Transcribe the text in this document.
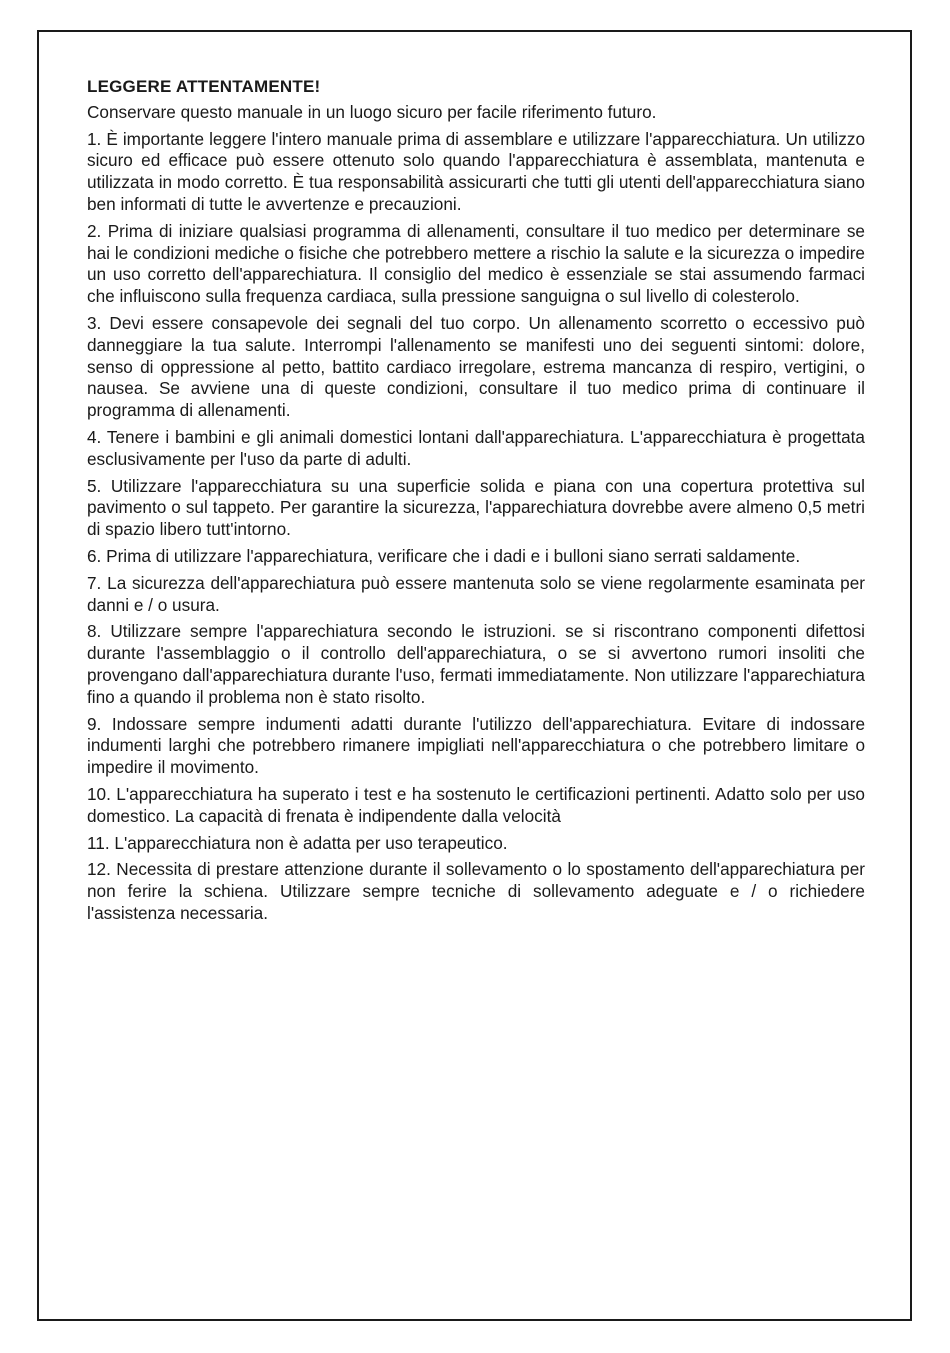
LEGGERE ATTENTAMENTE!
Conservare questo manuale in un luogo sicuro per facile riferimento futuro.
1. È importante leggere l'intero manuale prima di assemblare e utilizzare l'apparecchiatura. Un utilizzo sicuro ed efficace può essere ottenuto solo quando l'apparecchiatura è assemblata, mantenuta e utilizzata in modo corretto. È tua responsabilità assicurarti che tutti gli utenti dell'apparecchiatura siano ben informati di tutte le avvertenze e precauzioni.
2. Prima di iniziare qualsiasi programma di allenamenti, consultare il tuo medico per determinare se hai le condizioni mediche o fisiche che potrebbero mettere a rischio la salute e la sicurezza o impedire un uso corretto dell'apparechiatura. Il consiglio del medico è essenziale se stai assumendo farmaci che influiscono sulla frequenza cardiaca, sulla pressione sanguigna o sul livello di colesterolo.
3. Devi essere consapevole dei segnali del tuo corpo. Un allenamento scorretto o eccessivo può danneggiare la tua salute. Interrompi l'allenamento se manifesti uno dei seguenti sintomi: dolore, senso di oppressione al petto, battito cardiaco irregolare, estrema mancanza di respiro, vertigini, o nausea. Se avviene una di queste condizioni, consultare il tuo medico prima di continuare il programma di allenamenti.
4. Tenere i bambini e gli animali domestici lontani dall'apparechiatura. L'apparecchiatura è progettata esclusivamente per l'uso da parte di adulti.
5. Utilizzare l'apparecchiatura su una superficie solida e piana con una copertura protettiva sul pavimento o sul tappeto. Per garantire la sicurezza, l'apparechiatura dovrebbe avere almeno 0,5 metri di spazio libero tutt'intorno.
6. Prima di utilizzare l'apparechiatura, verificare che i dadi e i bulloni siano serrati saldamente.
7. La sicurezza dell'apparechiatura può essere mantenuta solo se viene regolarmente esaminata per danni e / o usura.
8. Utilizzare sempre l'apparechiatura secondo le istruzioni. se si riscontrano componenti difettosi durante l'assemblaggio o il controllo dell'apparechiatura, o se si avvertono rumori insoliti che provengano dall'apparechiatura durante l'uso, fermati immediatamente. Non utilizzare l'apparechiatura fino a quando il problema non è stato risolto.
9. Indossare sempre indumenti adatti durante l'utilizzo dell'apparechiatura. Evitare di indossare indumenti larghi che potrebbero rimanere impigliati nell'apparecchiatura o che potrebbero limitare o impedire il movimento.
10. L'apparecchiatura ha superato i test e ha sostenuto le certificazioni pertinenti. Adatto solo per uso domestico. La capacità di frenata è indipendente dalla velocità
11. L'apparecchiatura non è adatta per uso terapeutico.
12. Necessita di prestare attenzione durante il sollevamento o lo spostamento dell'apparechiatura per non ferire la schiena. Utilizzare sempre tecniche di sollevamento adeguate e / o richiedere l'assistenza necessaria.
